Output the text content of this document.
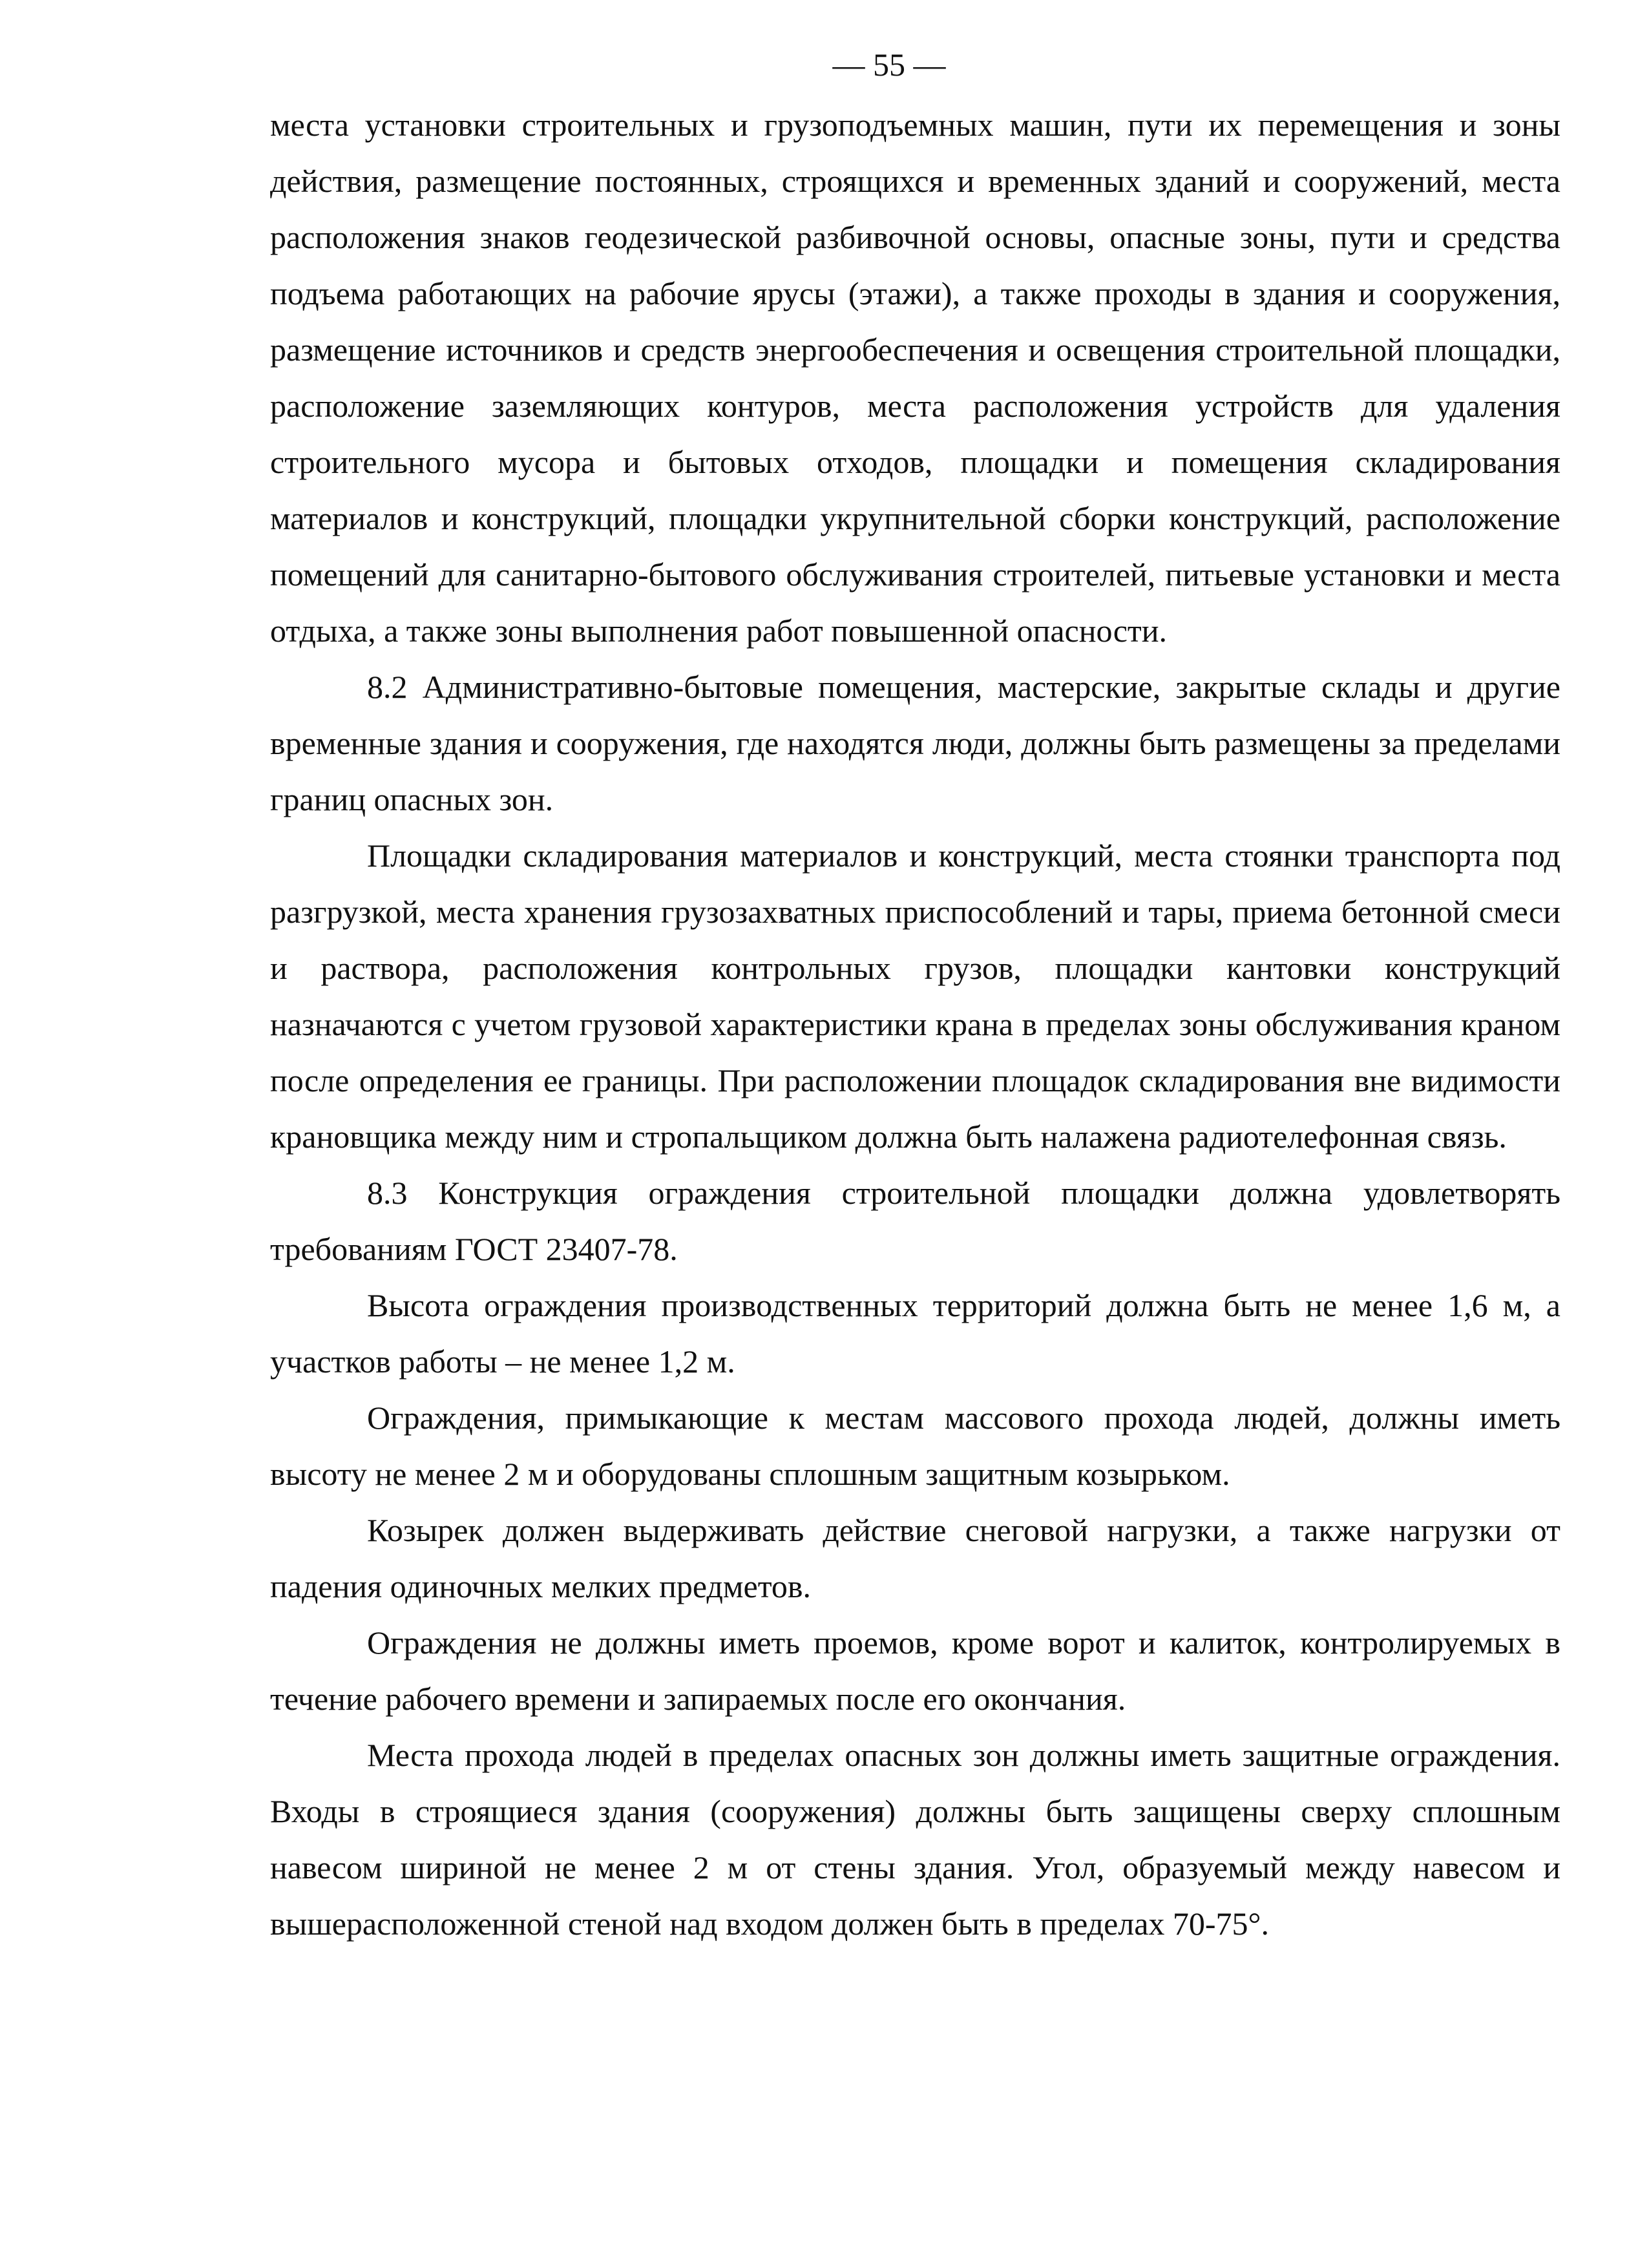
— 55 —

места установки строительных и грузоподъемных машин, пути их перемещения и зоны действия, размещение постоянных, строящихся и временных зданий и сооружений, места расположения знаков геодезической разбивочной основы, опасные зоны, пути и средства подъема работающих на рабочие ярусы (этажи), а также проходы в здания и сооружения, размещение источников и средств энергообеспечения и освещения строительной площадки, расположение заземляющих контуров, места расположения устройств для удаления строительного мусора и бытовых отходов, площадки и помещения складирования материалов и конструкций, площадки укрупнительной сборки конструкций, расположение помещений для санитарно-бытового обслуживания строителей, питьевые установки и места отдыха, а также зоны выполнения работ повышенной опасности.

8.2 Административно-бытовые помещения, мастерские, закрытые склады и другие временные здания и сооружения, где находятся люди, должны быть размещены за пределами границ опасных зон.

Площадки складирования материалов и конструкций, места стоянки транспорта под разгрузкой, места хранения грузозахватных приспособлений и тары, приема бетонной смеси и раствора, расположения контрольных грузов, площадки кантовки конструкций назначаются с учетом грузовой характеристики крана в пределах зоны обслуживания краном после определения ее границы. При расположении площадок складирования вне видимости крановщика между ним и стропальщиком должна быть налажена радиотелефонная связь.

8.3 Конструкция ограждения строительной площадки должна удовлетворять требованиям ГОСТ 23407-78.

Высота ограждения производственных территорий должна быть не менее 1,6 м, а участков работы – не менее 1,2 м.

Ограждения, примыкающие к местам массового прохода людей, должны иметь высоту не менее 2 м и оборудованы сплошным защитным козырьком.

Козырек должен выдерживать действие снеговой нагрузки, а также нагрузки от падения одиночных мелких предметов.

Ограждения не должны иметь проемов, кроме ворот и калиток, контролируемых в течение рабочего времени и запираемых после его окончания.

Места прохода людей в пределах опасных зон должны иметь защитные ограждения. Входы в строящиеся здания (сооружения) должны быть защищены сверху сплошным навесом шириной не менее 2 м от стены здания. Угол, образуемый между навесом и вышерасположенной стеной над входом должен быть в пределах 70-75°.
